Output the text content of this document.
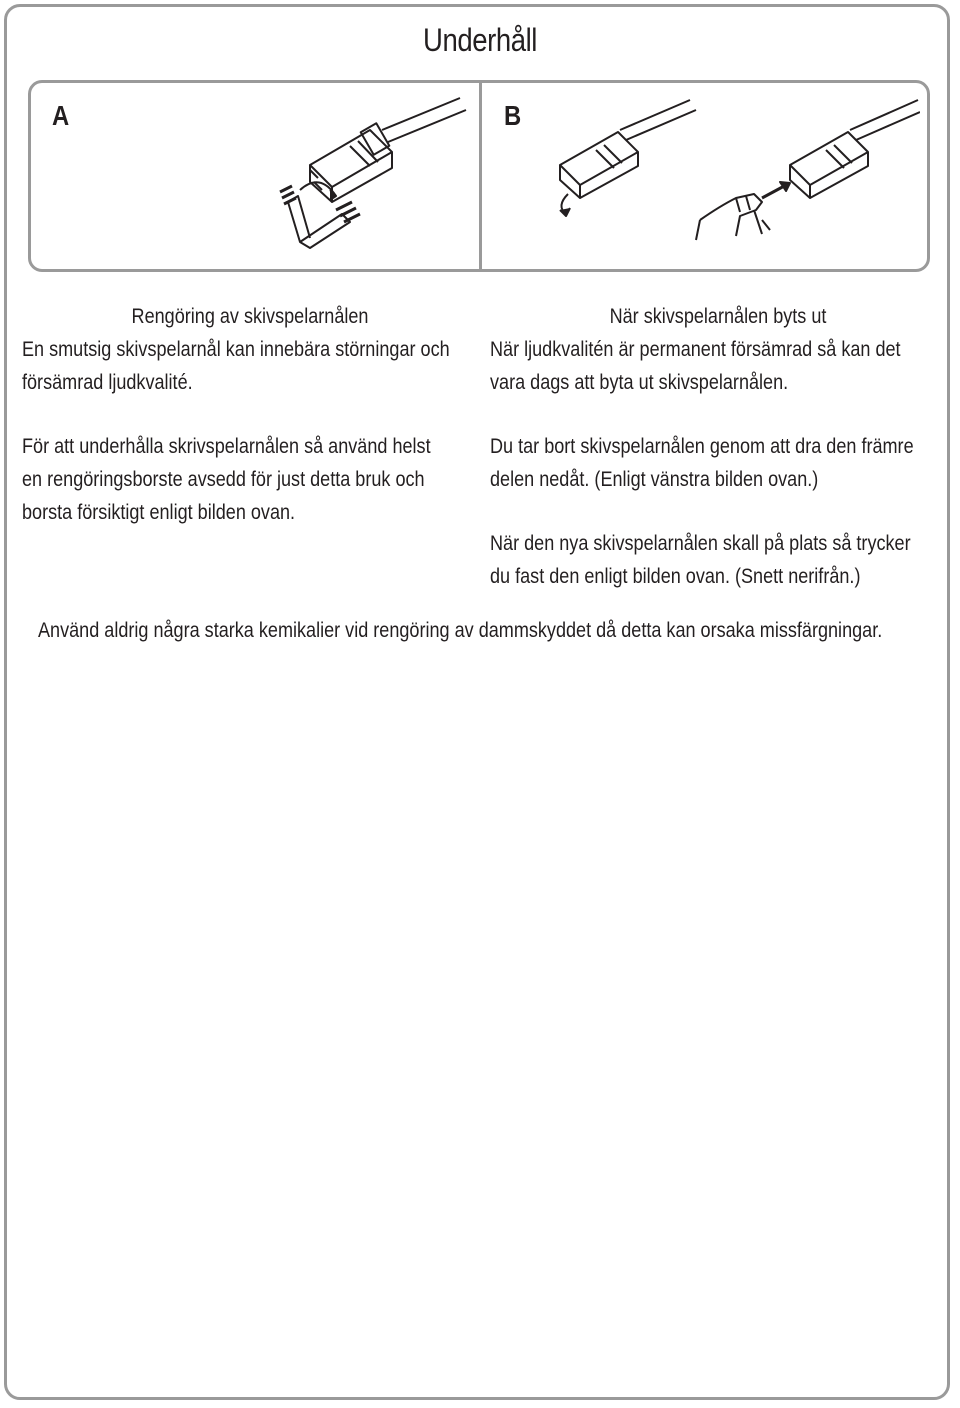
Underhåll
A	B
Rengöring av skivspelarnålen
En smutsig skivspelarnål kan innebära störningar och
försämrad ljudkvalité.
För att underhålla skrivspelarnålen så använd helst
en rengöringsborste avsedd för just detta bruk och
borsta försiktigt enligt bilden ovan.
När skivspelarnålen byts ut
När ljudkvalitén är permanent försämrad så kan det
vara dags att byta ut skivspelarnålen.
Du tar bort skivspelarnålen genom att dra den främre
delen nedåt. (Enligt vänstra bilden ovan.)
När den nya skivspelarnålen skall på plats så trycker
du fast den enligt bilden ovan. (Snett nerifrån.)
Använd aldrig några starka kemikalier vid rengöring av dammskyddet då detta kan orsaka missfärgningar.
